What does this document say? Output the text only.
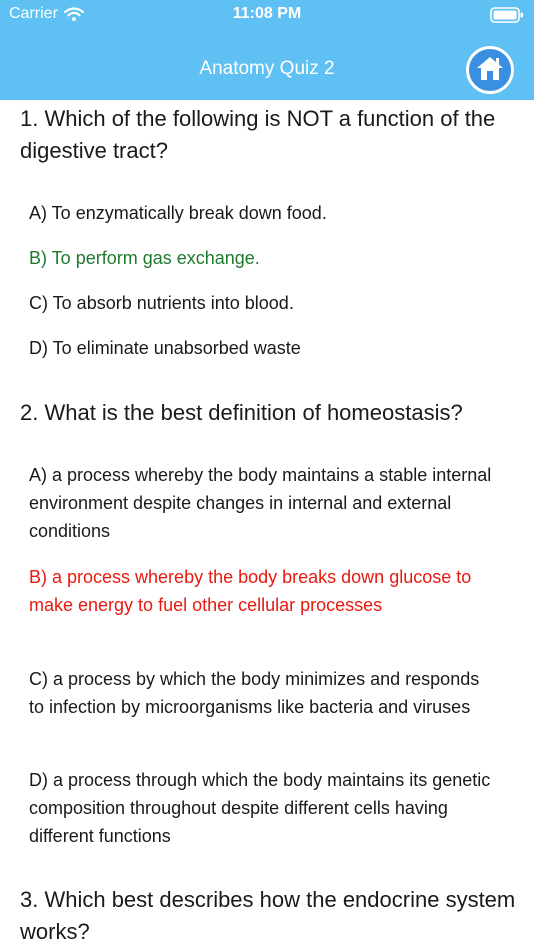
Carrier	11:08 PM
Anatomy Quiz 2
1. Which of the following is NOT a function of the digestive tract?
A) To enzymatically break down food.
B) To perform gas exchange.
C) To absorb nutrients into blood.
D) To eliminate unabsorbed waste
2. What is the best definition of homeostasis?
A) a process whereby the body maintains a stable internal environment despite changes in internal and external conditions
B) a process whereby the body breaks down glucose to make energy to fuel other cellular processes
C) a process by which the body minimizes and responds to infection by microorganisms like bacteria and viruses
D) a process through which the body maintains its genetic composition throughout despite different cells having different functions
3. Which best describes how the endocrine system works?
